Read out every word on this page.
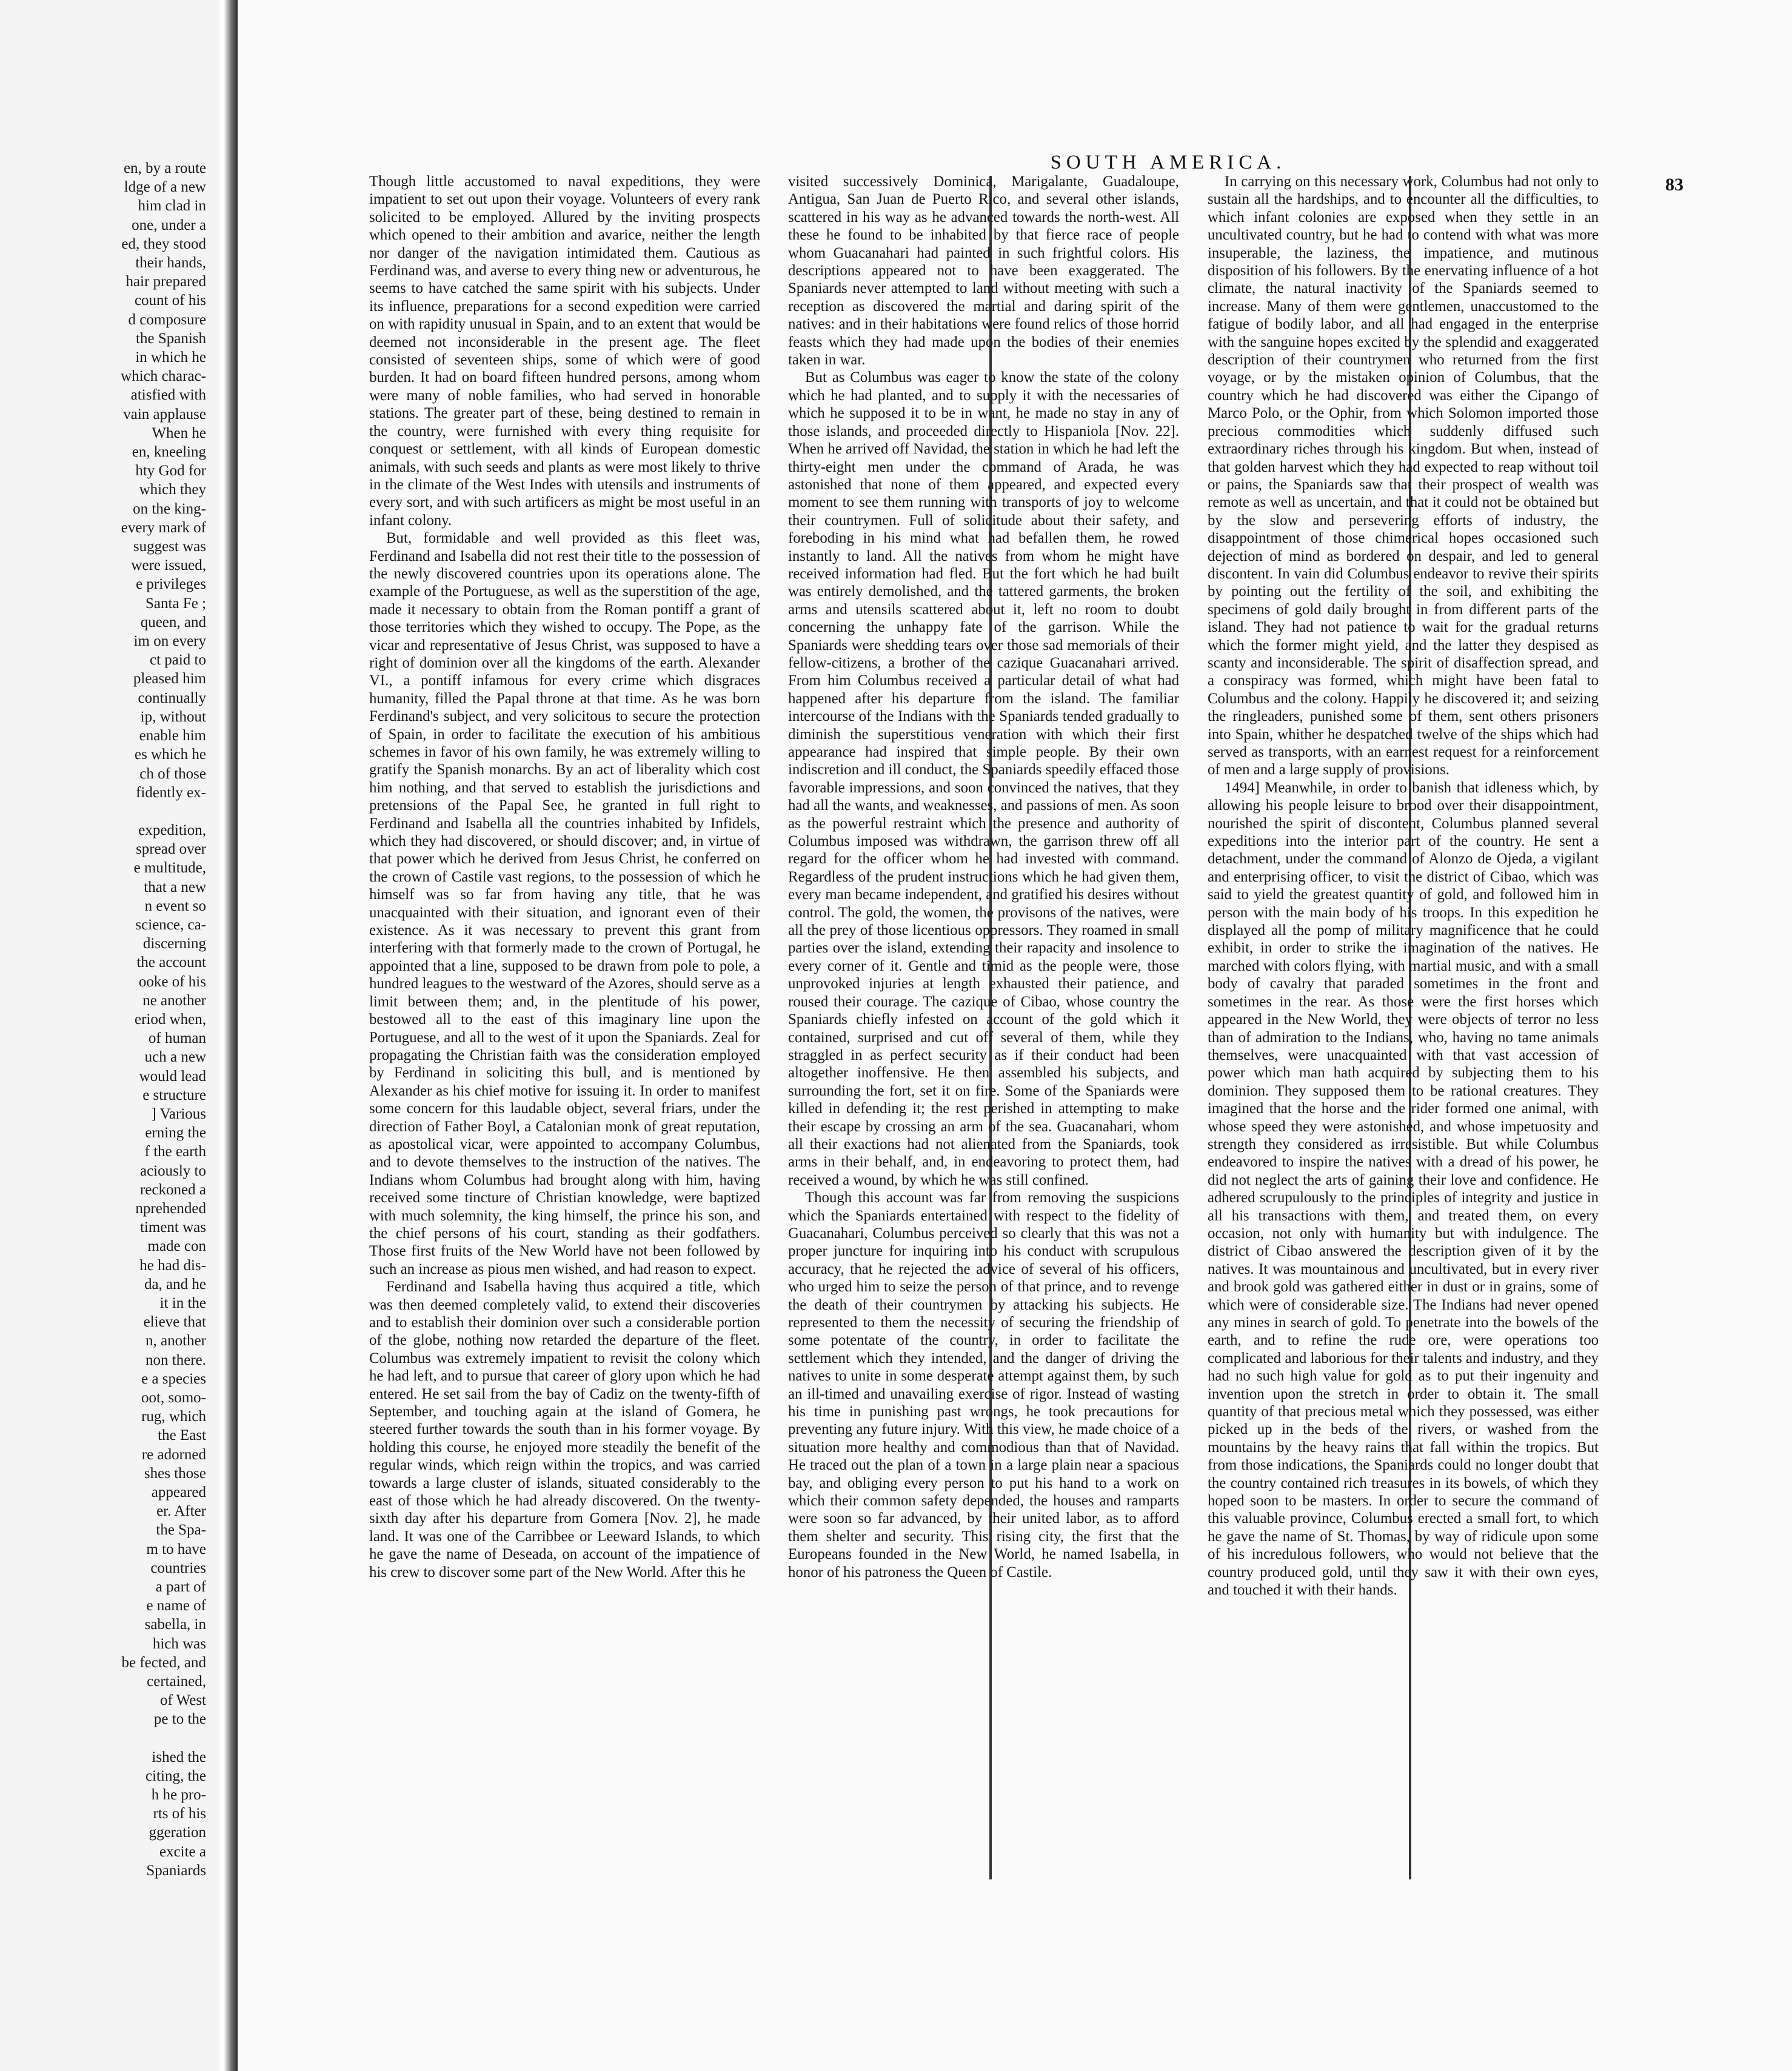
en, by a route

ldge of a new

him clad in

one, under a

ed, they stood

their hands,

hair prepared

count of his

d composure

the Spanish

in which he

which charac-

atisfied with

vain applause

When he

en, kneeling

hty God for

which they

on the king-

every mark of

suggest was

were issued,

e privileges

Santa Fe ;

queen, and

im on every

ct paid to

pleased him

continually

ip, without

enable him

es which he

ch of those

fidently ex-

expedition,

spread over

e multitude,

that a new

n event so

science, ca-

discerning

the account

ooke of his

ne another

eriod when,

of human

uch a new

would lead

e structure

] Various

erning the

f the earth

aciously to

reckoned a

nprehended

timent was

made con

he had dis-

da, and he

it in the

elieve that

n, another

non there.

e a species

oot, somo-

rug, which

the East

re adorned

shes those

appeared

er. After

the Spa-

m to have

countries

a part of

e name of

sabella, in

hich was

be fected, and

certained,

of West

pe to the

ished the

citing, the

h he pro-

rts of his

ggeration

excite a

Spaniards

SOUTH AMERICA.
83

Though little accustomed to naval expeditions, they were impatient to set out upon their voyage. Volunteers of every rank solicited to be employed. Allured by the inviting prospects which opened to their ambition and avarice, neither the length nor danger of the navigation intimidated them. Cautious as Ferdinand was, and averse to every thing new or adventurous, he seems to have catched the same spirit with his subjects. Under its influence, preparations for a second expedition were carried on with rapidity unusual in Spain, and to an extent that would be deemed not inconsiderable in the present age. The fleet consisted of seventeen ships, some of which were of good burden. It had on board fifteen hundred persons, among whom were many of noble families, who had served in honorable stations. The greater part of these, being destined to remain in the country, were furnished with every thing requisite for conquest or settlement, with all kinds of European domestic animals, with such seeds and plants as were most likely to thrive in the climate of the West Indes with utensils and instruments of every sort, and with such artificers as might be most useful in an infant colony.

But, formidable and well provided as this fleet was, Ferdinand and Isabella did not rest their title to the possession of the newly discovered countries upon its operations alone. The example of the Portuguese, as well as the superstition of the age, made it necessary to obtain from the Roman pontiff a grant of those territories which they wished to occupy. The Pope, as the vicar and representative of Jesus Christ, was supposed to have a right of dominion over all the kingdoms of the earth. Alexander VI., a pontiff infamous for every crime which disgraces humanity, filled the Papal throne at that time. As he was born Ferdinand's subject, and very solicitous to secure the protection of Spain, in order to facilitate the execution of his ambitious schemes in favor of his own family, he was extremely willing to gratify the Spanish monarchs. By an act of liberality which cost him nothing, and that served to establish the jurisdictions and pretensions of the Papal See, he granted in full right to Ferdinand and Isabella all the countries inhabited by Infidels, which they had discovered, or should discover; and, in virtue of that power which he derived from Jesus Christ, he conferred on the crown of Castile vast regions, to the possession of which he himself was so far from having any title, that he was unacquainted with their situation, and ignorant even of their existence. As it was necessary to prevent this grant from interfering with that formerly made to the crown of Portugal, he appointed that a line, supposed to be drawn from pole to pole, a hundred leagues to the westward of the Azores, should serve as a limit between them; and, in the plentitude of his power, bestowed all to the east of this imaginary line upon the Portuguese, and all to the west of it upon the Spaniards. Zeal for propagating the Christian faith was the consideration employed by Ferdinand in soliciting this bull, and is mentioned by Alexander as his chief motive for issuing it. In order to manifest some concern for this laudable object, several friars, under the direction of Father Boyl, a Catalonian monk of great reputation, as apostolical vicar, were appointed to accompany Columbus, and to devote themselves to the instruction of the natives. The Indians whom Columbus had brought along with him, having received some tincture of Christian knowledge, were baptized with much solemnity, the king himself, the prince his son, and the chief persons of his court, standing as their godfathers. Those first fruits of the New World have not been followed by such an increase as pious men wished, and had reason to expect.

Ferdinand and Isabella having thus acquired a title, which was then deemed completely valid, to extend their discoveries and to establish their dominion over such a considerable portion of the globe, nothing now retarded the departure of the fleet. Columbus was extremely impatient to revisit the colony which he had left, and to pursue that career of glory upon which he had entered. He set sail from the bay of Cadiz on the twenty-fifth of September, and touching again at the island of Gomera, he steered further towards the south than in his former voyage. By holding this course, he enjoyed more steadily the benefit of the regular winds, which reign within the tropics, and was carried towards a large cluster of islands, situated considerably to the east of those which he had already discovered. On the twenty-sixth day after his departure from Gomera [Nov. 2], he made land. It was one of the Carribbee or Leeward Islands, to which he gave the name of Deseada, on account of the impatience of his crew to discover some part of the New World. After this he

visited successively Dominica, Marigalante, Guadaloupe, Antigua, San Juan de Puerto Rico, and several other islands, scattered in his way as he advanced towards the north-west. All these he found to be inhabited by that fierce race of people whom Guacanahari had painted in such frightful colors. His descriptions appeared not to have been exaggerated. The Spaniards never attempted to land without meeting with such a reception as discovered the martial and daring spirit of the natives: and in their habitations were found relics of those horrid feasts which they had made upon the bodies of their enemies taken in war.

But as Columbus was eager to know the state of the colony which he had planted, and to supply it with the necessaries of which he supposed it to be in want, he made no stay in any of those islands, and proceeded directly to Hispaniola [Nov. 22]. When he arrived off Navidad, the station in which he had left the thirty-eight men under the command of Arada, he was astonished that none of them appeared, and expected every moment to see them running with transports of joy to welcome their countrymen. Full of solicitude about their safety, and foreboding in his mind what had befallen them, he rowed instantly to land. All the natives from whom he might have received information had fled. But the fort which he had built was entirely demolished, and the tattered garments, the broken arms and utensils scattered about it, left no room to doubt concerning the unhappy fate of the garrison. While the Spaniards were shedding tears over those sad memorials of their fellow-citizens, a brother of the cazique Guacanahari arrived. From him Columbus received a particular detail of what had happened after his departure from the island. The familiar intercourse of the Indians with the Spaniards tended gradually to diminish the superstitious veneration with which their first appearance had inspired that simple people. By their own indiscretion and ill conduct, the Spaniards speedily effaced those favorable impressions, and soon convinced the natives, that they had all the wants, and weaknesses, and passions of men. As soon as the powerful restraint which the presence and authority of Columbus imposed was withdrawn, the garrison threw off all regard for the officer whom he had invested with command. Regardless of the prudent instructions which he had given them, every man became independent, and gratified his desires without control. The gold, the women, the provisons of the natives, were all the prey of those licentious oppressors. They roamed in small parties over the island, extending their rapacity and insolence to every corner of it. Gentle and timid as the people were, those unprovoked injuries at length exhausted their patience, and roused their courage. The cazique of Cibao, whose country the Spaniards chiefly infested on account of the gold which it contained, surprised and cut off several of them, while they straggled in as perfect security as if their conduct had been altogether inoffensive. He then assembled his subjects, and surrounding the fort, set it on fire. Some of the Spaniards were killed in defending it; the rest perished in attempting to make their escape by crossing an arm of the sea. Guacanahari, whom all their exactions had not alienated from the Spaniards, took arms in their behalf, and, in endeavoring to protect them, had received a wound, by which he was still confined.

Though this account was far from removing the suspicions which the Spaniards entertained with respect to the fidelity of Guacanahari, Columbus perceived so clearly that this was not a proper juncture for inquiring into his conduct with scrupulous accuracy, that he rejected the advice of several of his officers, who urged him to seize the person of that prince, and to revenge the death of their countrymen by attacking his subjects. He represented to them the necessity of securing the friendship of some potentate of the country, in order to facilitate the settlement which they intended, and the danger of driving the natives to unite in some desperate attempt against them, by such an ill-timed and unavailing exercise of rigor. Instead of wasting his time in punishing past wrongs, he took precautions for preventing any future injury. With this view, he made choice of a situation more healthy and commodious than that of Navidad. He traced out the plan of a town in a large plain near a spacious bay, and obliging every person to put his hand to a work on which their common safety depended, the houses and ramparts were soon so far advanced, by their united labor, as to afford them shelter and security. This rising city, the first that the Europeans founded in the New World, he named Isabella, in honor of his patroness the Queen of Castile.

In carrying on this necessary work, Columbus had not only to sustain all the hardships, and to encounter all the difficulties, to which infant colonies are exposed when they settle in an uncultivated country, but he had to contend with what was more insuperable, the laziness, the impatience, and mutinous disposition of his followers. By the enervating influence of a hot climate, the natural inactivity of the Spaniards seemed to increase. Many of them were gentlemen, unaccustomed to the fatigue of bodily labor, and all had engaged in the enterprise with the sanguine hopes excited by the splendid and exaggerated description of their countrymen who returned from the first voyage, or by the mistaken opinion of Columbus, that the country which he had discovered was either the Cipango of Marco Polo, or the Ophir, from which Solomon imported those precious commodities which suddenly diffused such extraordinary riches through his kingdom. But when, instead of that golden harvest which they had expected to reap without toil or pains, the Spaniards saw that their prospect of wealth was remote as well as uncertain, and that it could not be obtained but by the slow and persevering efforts of industry, the disappointment of those chimerical hopes occasioned such dejection of mind as bordered on despair, and led to general discontent. In vain did Columbus endeavor to revive their spirits by pointing out the fertility of the soil, and exhibiting the specimens of gold daily brought in from different parts of the island. They had not patience to wait for the gradual returns which the former might yield, and the latter they despised as scanty and inconsiderable. The spirit of disaffection spread, and a conspiracy was formed, which might have been fatal to Columbus and the colony. Happily he discovered it; and seizing the ringleaders, punished some of them, sent others prisoners into Spain, whither he despatched twelve of the ships which had served as transports, with an earnest request for a reinforcement of men and a large supply of provisions.

1494] Meanwhile, in order to banish that idleness which, by allowing his people leisure to brood over their disappointment, nourished the spirit of discontent, Columbus planned several expeditions into the interior part of the country. He sent a detachment, under the command of Alonzo de Ojeda, a vigilant and enterprising officer, to visit the district of Cibao, which was said to yield the greatest quantity of gold, and followed him in person with the main body of his troops. In this expedition he displayed all the pomp of military magnificence that he could exhibit, in order to strike the imagination of the natives. He marched with colors flying, with martial music, and with a small body of cavalry that paraded sometimes in the front and sometimes in the rear. As those were the first horses which appeared in the New World, they were objects of terror no less than of admiration to the Indians, who, having no tame animals themselves, were unacquainted with that vast accession of power which man hath acquired by subjecting them to his dominion. They supposed them to be rational creatures. They imagined that the horse and the rider formed one animal, with whose speed they were astonished, and whose impetuosity and strength they considered as irresistible. But while Columbus endeavored to inspire the natives with a dread of his power, he did not neglect the arts of gaining their love and confidence. He adhered scrupulously to the principles of integrity and justice in all his transactions with them, and treated them, on every occasion, not only with humanity but with indulgence. The district of Cibao answered the description given of it by the natives. It was mountainous and uncultivated, but in every river and brook gold was gathered either in dust or in grains, some of which were of considerable size. The Indians had never opened any mines in search of gold. To penetrate into the bowels of the earth, and to refine the rude ore, were operations too complicated and laborious for their talents and industry, and they had no such high value for gold as to put their ingenuity and invention upon the stretch in order to obtain it. The small quantity of that precious metal which they possessed, was either picked up in the beds of the rivers, or washed from the mountains by the heavy rains that fall within the tropics. But from those indications, the Spaniards could no longer doubt that the country contained rich treasures in its bowels, of which they hoped soon to be masters. In order to secure the command of this valuable province, Columbus erected a small fort, to which he gave the name of St. Thomas, by way of ridicule upon some of his incredulous followers, who would not believe that the country produced gold, until they saw it with their own eyes, and touched it with their hands.
